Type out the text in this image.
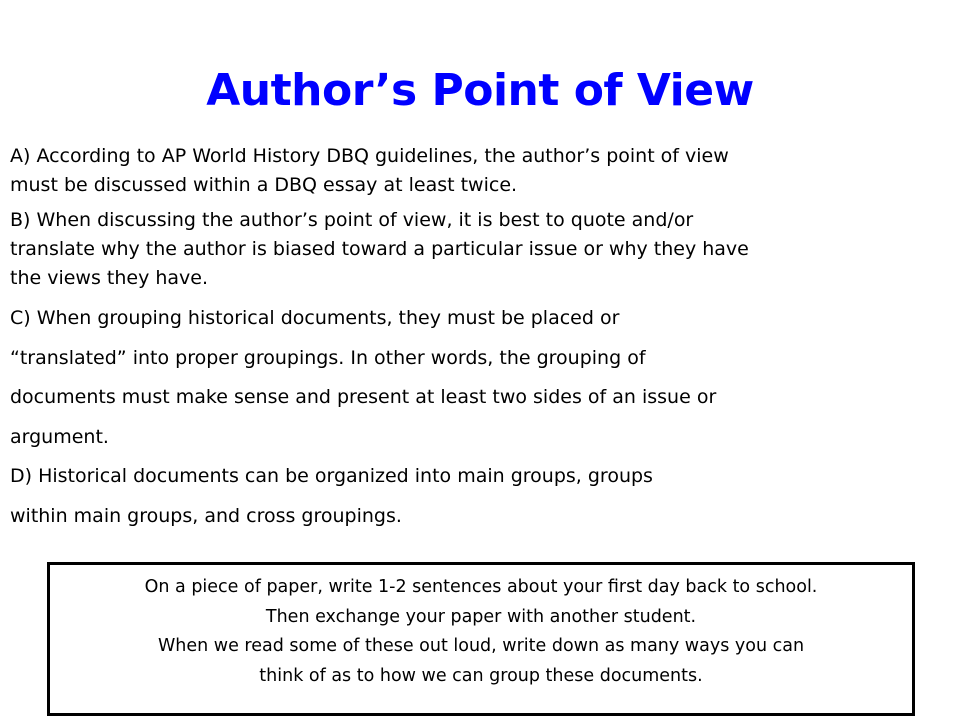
Author’s Point of View

A) According to AP World History DBQ guidelines, the author’s point of view
must be discussed within a DBQ essay at least twice.

B) When discussing the author’s point of view, it is best to quote and/or
translate why the author is biased toward a particular issue or why they have
the views they have.

C) When grouping historical documents, they must be placed or
“translated” into proper groupings. In other words, the grouping of
documents must make sense and present at least two sides of an issue or
argument.

D) Historical documents can be organized into main groups, groups
within main groups, and cross groupings.

On a piece of paper, write 1-2 sentences about your first day back to school.
Then exchange your paper with another student.
When we read some of these out loud, write down as many ways you can
think of as to how we can group these documents.
